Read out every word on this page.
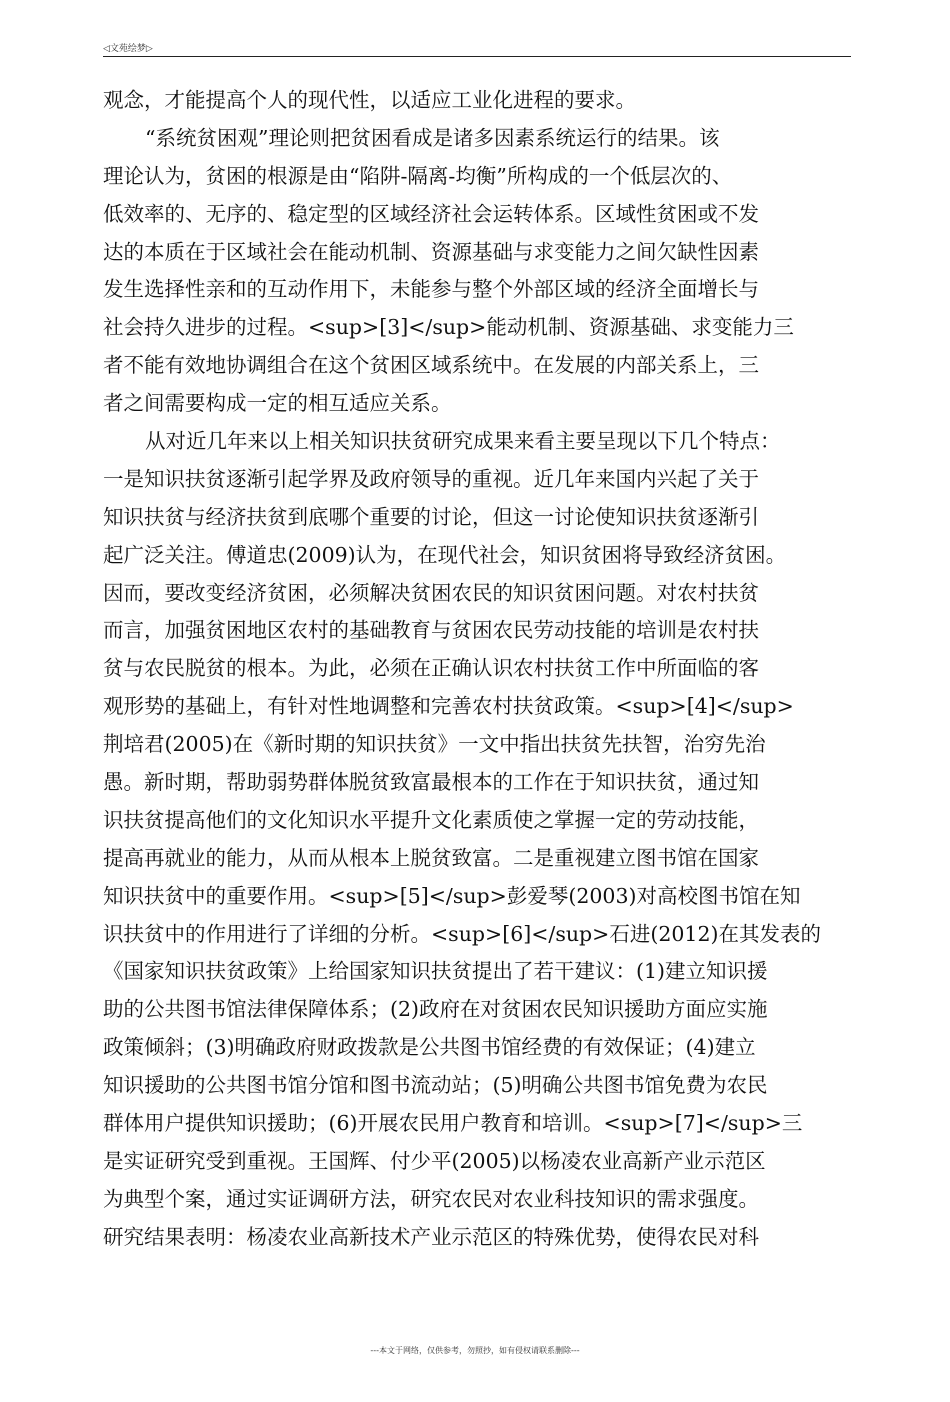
◁文苑绘梦▷
观念，才能提高个人的现代性，以适应工业化进程的要求。
“系统贫困观”理论则把贫困看成是诸多因素系统运行的结果。该
理论认为，贫困的根源是由“陷阱-隔离-均衡”所构成的一个低层次的、
低效率的、无序的、稳定型的区域经济社会运转体系。区域性贫困或不发
达的本质在于区域社会在能动机制、资源基础与求变能力之间欠缺性因素
发生选择性亲和的互动作用下，未能参与整个外部区域的经济全面增长与
社会持久进步的过程。<sup>[3]</sup>能动机制、资源基础、求变能力三
者不能有效地协调组合在这个贫困区域系统中。在发展的内部关系上，三
者之间需要构成一定的相互适应关系。
从对近几年来以上相关知识扶贫研究成果来看主要呈现以下几个特点：
一是知识扶贫逐渐引起学界及政府领导的重视。近几年来国内兴起了关于
知识扶贫与经济扶贫到底哪个重要的讨论，但这一讨论使知识扶贫逐渐引
起广泛关注。傅道忠(2009)认为，在现代社会，知识贫困将导致经济贫困。
因而，要改变经济贫困，必须解决贫困农民的知识贫困问题。对农村扶贫
而言，加强贫困地区农村的基础教育与贫困农民劳动技能的培训是农村扶
贫与农民脱贫的根本。为此，必须在正确认识农村扶贫工作中所面临的客
观形势的基础上，有针对性地调整和完善农村扶贫政策。<sup>[4]</sup>
荆培君(2005)在《新时期的知识扶贫》一文中指出扶贫先扶智，治穷先治
愚。新时期，帮助弱势群体脱贫致富最根本的工作在于知识扶贫，通过知
识扶贫提高他们的文化知识水平提升文化素质使之掌握一定的劳动技能，
提高再就业的能力，从而从根本上脱贫致富。二是重视建立图书馆在国家
知识扶贫中的重要作用。<sup>[5]</sup>彭爱琴(2003)对高校图书馆在知
识扶贫中的作用进行了详细的分析。<sup>[6]</sup>石进(2012)在其发表的
《国家知识扶贫政策》上给国家知识扶贫提出了若干建议：(1)建立知识援
助的公共图书馆法律保障体系；(2)政府在对贫困农民知识援助方面应实施
政策倾斜；(3)明确政府财政拨款是公共图书馆经费的有效保证；(4)建立
知识援助的公共图书馆分馆和图书流动站；(5)明确公共图书馆免费为农民
群体用户提供知识援助；(6)开展农民用户教育和培训。<sup>[7]</sup>三
是实证研究受到重视。王国辉、付少平(2005)以杨凌农业高新产业示范区
为典型个案，通过实证调研方法，研究农民对农业科技知识的需求强度。
研究结果表明：杨凌农业高新技术产业示范区的特殊优势，使得农民对科
---本文于网络，仅供参考，勿照抄，如有侵权请联系删除---
